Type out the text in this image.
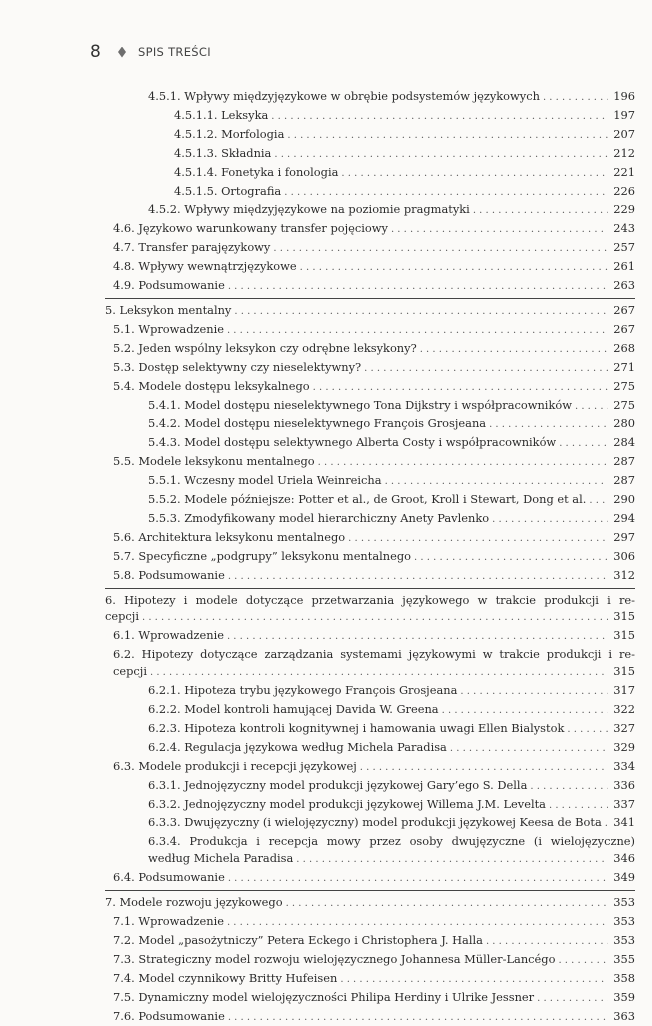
8	SPIS TREŚCI
4.5.1. Wpływy międzyjęzykowe w obrębie podsystemów językowych . . .	196
4.5.1.1. Leksyka . . .	197
4.5.1.2. Morfologia . . .	207
4.5.1.3. Składnia . . .	212
4.5.1.4. Fonetyka i fonologia . . .	221
4.5.1.5. Ortografia . . .	226
4.5.2. Wpływy międzyjęzykowe na poziomie pragmatyki . . .	229
4.6. Językowo warunkowany transfer pojęciowy . . .	243
4.7. Transfer parajęzykowy . . .	257
4.8. Wpływy wewnątrzjęzykowe . . .	261
4.9. Podsumowanie . . .	263
5. Leksykon mentalny . . .	267
5.1. Wprowadzenie . . .	267
5.2. Jeden wspólny leksykon czy odrębne leksykony? . . .	268
5.3. Dostęp selektywny czy nieselektywny? . . .	271
5.4. Modele dostępu leksykalnego . . .	275
5.4.1. Model dostępu nieselektywnego Tona Dijkstry i współpracowników . . .	275
5.4.2. Model dostępu nieselektywnego François Grosjeana . . .	280
5.4.3. Model dostępu selektywnego Alberta Costy i współpracowników . . .	284
5.5. Modele leksykonu mentalnego . . .	287
5.5.1. Wczesny model Uriela Weinreicha . . .	287
5.5.2. Modele późniejsze: Potter et al., de Groot, Kroll i Stewart, Dong et al. . . . 290
5.5.3. Zmodyfikowany model hierarchiczny Anety Pavlenko . . .	294
5.6. Architektura leksykonu mentalnego . . .	297
5.7. Specyficzne „podgrupy” leksykonu mentalnego . . .	306
5.8. Podsumowanie . . .	312
6. Hipotezy i modele dotyczące przetwarzania językowego w trakcie produkcji i re-
cepcji . . .	315
6.1. Wprowadzenie . . .	315
6.2. Hipotezy dotyczące zarządzania systemami językowymi w trakcie produkcji i re-
cepcji . . .	315
6.2.1. Hipoteza trybu językowego François Grosjeana . . .	317
6.2.2. Model kontroli hamującej Davida W. Greena . . .	322
6.2.3. Hipoteza kontroli kognitywnej i hamowania uwagi Ellen Bialystok . . .	327
6.2.4. Regulacja językowa według Michela Paradisa . . .	329
6.3. Modele produkcji i recepcji językowej . . .	334
6.3.1. Jednojęzyczny model produkcji językowej Gary’ego S. Della . . .	336
6.3.2. Jednojęzyczny model produkcji językowej Willema J.M. Levelta . . .	337
6.3.3. Dwujęzyczny (i wielojęzyczny) model produkcji językowej Keesa de Bota . . . 341
6.3.4. Produkcja i recepcja mowy przez osoby dwujęzyczne (i wielojęzyczne)
według Michela Paradisa . . .	346
6.4. Podsumowanie . . .	349
7. Modele rozwoju językowego . . .	353
7.1. Wprowadzenie . . .	353
7.2. Model „pasożytniczy” Petera Eckego i Christophera J. Halla . . .	353
7.3. Strategiczny model rozwoju wielojęzycznego Johannesa Müller-Lancégo . . .	355
7.4. Model czynnikowy Britty Hufeisen . . .	358
7.5. Dynamiczny model wielojęzyczności Philipa Herdiny i Ulrike Jessner . . .	359
7.6. Podsumowanie . . .	363
